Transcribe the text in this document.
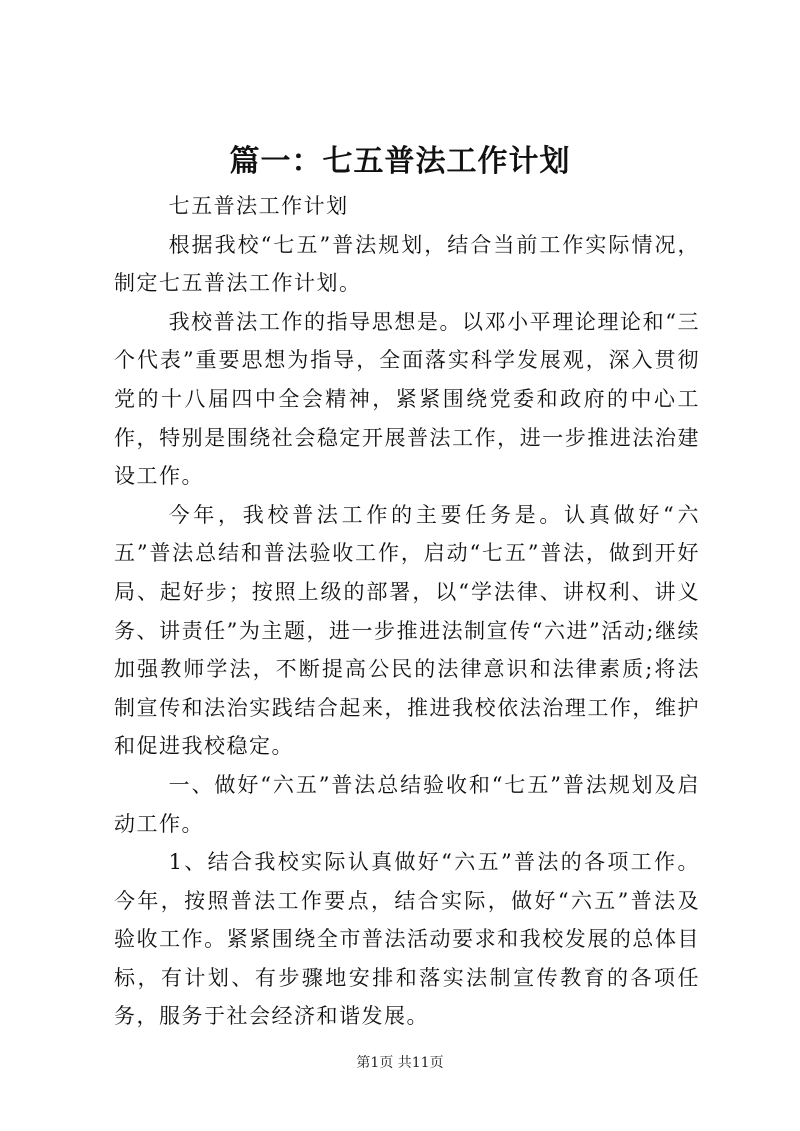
篇一：七五普法工作计划

七五普法工作计划

根据我校“七五”普法规划，结合当前工作实际情况，制定七五普法工作计划。

我校普法工作的指导思想是。以邓小平理论理论和“三个代表”重要思想为指导，全面落实科学发展观，深入贯彻党的十八届四中全会精神，紧紧围绕党委和政府的中心工作，特别是围绕社会稳定开展普法工作，进一步推进法治建设工作。

今年，我校普法工作的主要任务是。认真做好“六五”普法总结和普法验收工作，启动“七五”普法，做到开好局、起好步；按照上级的部署，以“学法律、讲权利、讲义务、讲责任”为主题，进一步推进法制宣传“六进”活动;继续加强教师学法，不断提高公民的法律意识和法律素质;将法制宣传和法治实践结合起来，推进我校依法治理工作，维护和促进我校稳定。

一、做好“六五”普法总结验收和“七五”普法规划及启动工作。

1、结合我校实际认真做好“六五”普法的各项工作。今年，按照普法工作要点，结合实际，做好“六五”普法及验收工作。紧紧围绕全市普法活动要求和我校发展的总体目标，有计划、有步骤地安排和落实法制宣传教育的各项任务，服务于社会经济和谐发展。

第1页 共11页
